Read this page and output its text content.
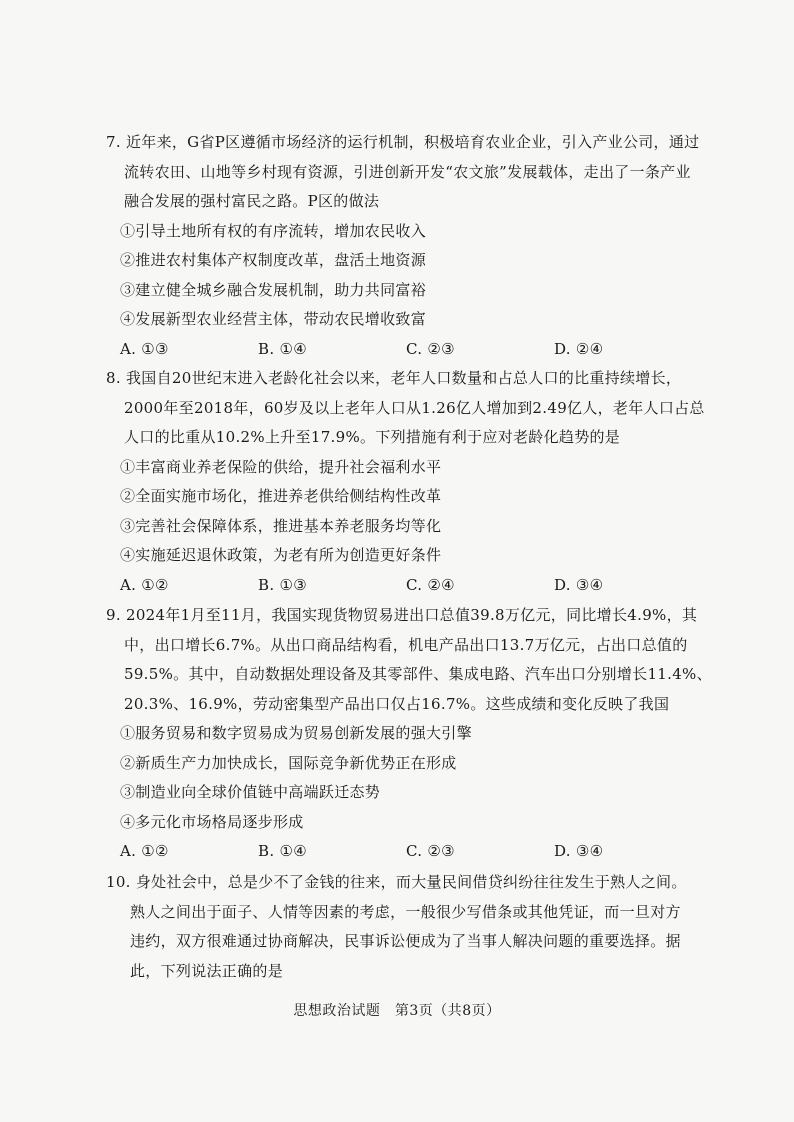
7. 近年来，G省P区遵循市场经济的运行机制，积极培育农业企业，引入产业公司，通过
流转农田、山地等乡村现有资源，引进创新开发“农文旅”发展载体，走出了一条产业
融合发展的强村富民之路。P区的做法
①引导土地所有权的有序流转，增加农民收入
②推进农村集体产权制度改革，盘活土地资源
③建立健全城乡融合发展机制，助力共同富裕
④发展新型农业经营主体，带动农民增收致富
A. ①③	B. ①④	C. ②③	D. ②④
8. 我国自20世纪末进入老龄化社会以来，老年人口数量和占总人口的比重持续增长，
2000年至2018年，60岁及以上老年人口从1.26亿人增加到2.49亿人，老年人口占总
人口的比重从10.2%上升至17.9%。下列措施有利于应对老龄化趋势的是
①丰富商业养老保险的供给，提升社会福利水平
②全面实施市场化，推进养老供给侧结构性改革
③完善社会保障体系，推进基本养老服务均等化
④实施延迟退休政策，为老有所为创造更好条件
A. ①②	B. ①③	C. ②④	D. ③④
9. 2024年1月至11月，我国实现货物贸易进出口总值39.8万亿元，同比增长4.9%，其
中，出口增长6.7%。从出口商品结构看，机电产品出口13.7万亿元，占出口总值的
59.5%。其中，自动数据处理设备及其零部件、集成电路、汽车出口分别增长11.4%、
20.3%、16.9%，劳动密集型产品出口仅占16.7%。这些成绩和变化反映了我国
①服务贸易和数字贸易成为贸易创新发展的强大引擎
②新质生产力加快成长，国际竞争新优势正在形成
③制造业向全球价值链中高端跃迁态势
④多元化市场格局逐步形成
A. ①②	B. ①④	C. ②③	D. ③④
10. 身处社会中，总是少不了金钱的往来，而大量民间借贷纠纷往往发生于熟人之间。
熟人之间出于面子、人情等因素的考虑，一般很少写借条或其他凭证，而一旦对方
违约，双方很难通过协商解决，民事诉讼便成为了当事人解决问题的重要选择。据
此，下列说法正确的是
思想政治试题　第3页（共8页）
